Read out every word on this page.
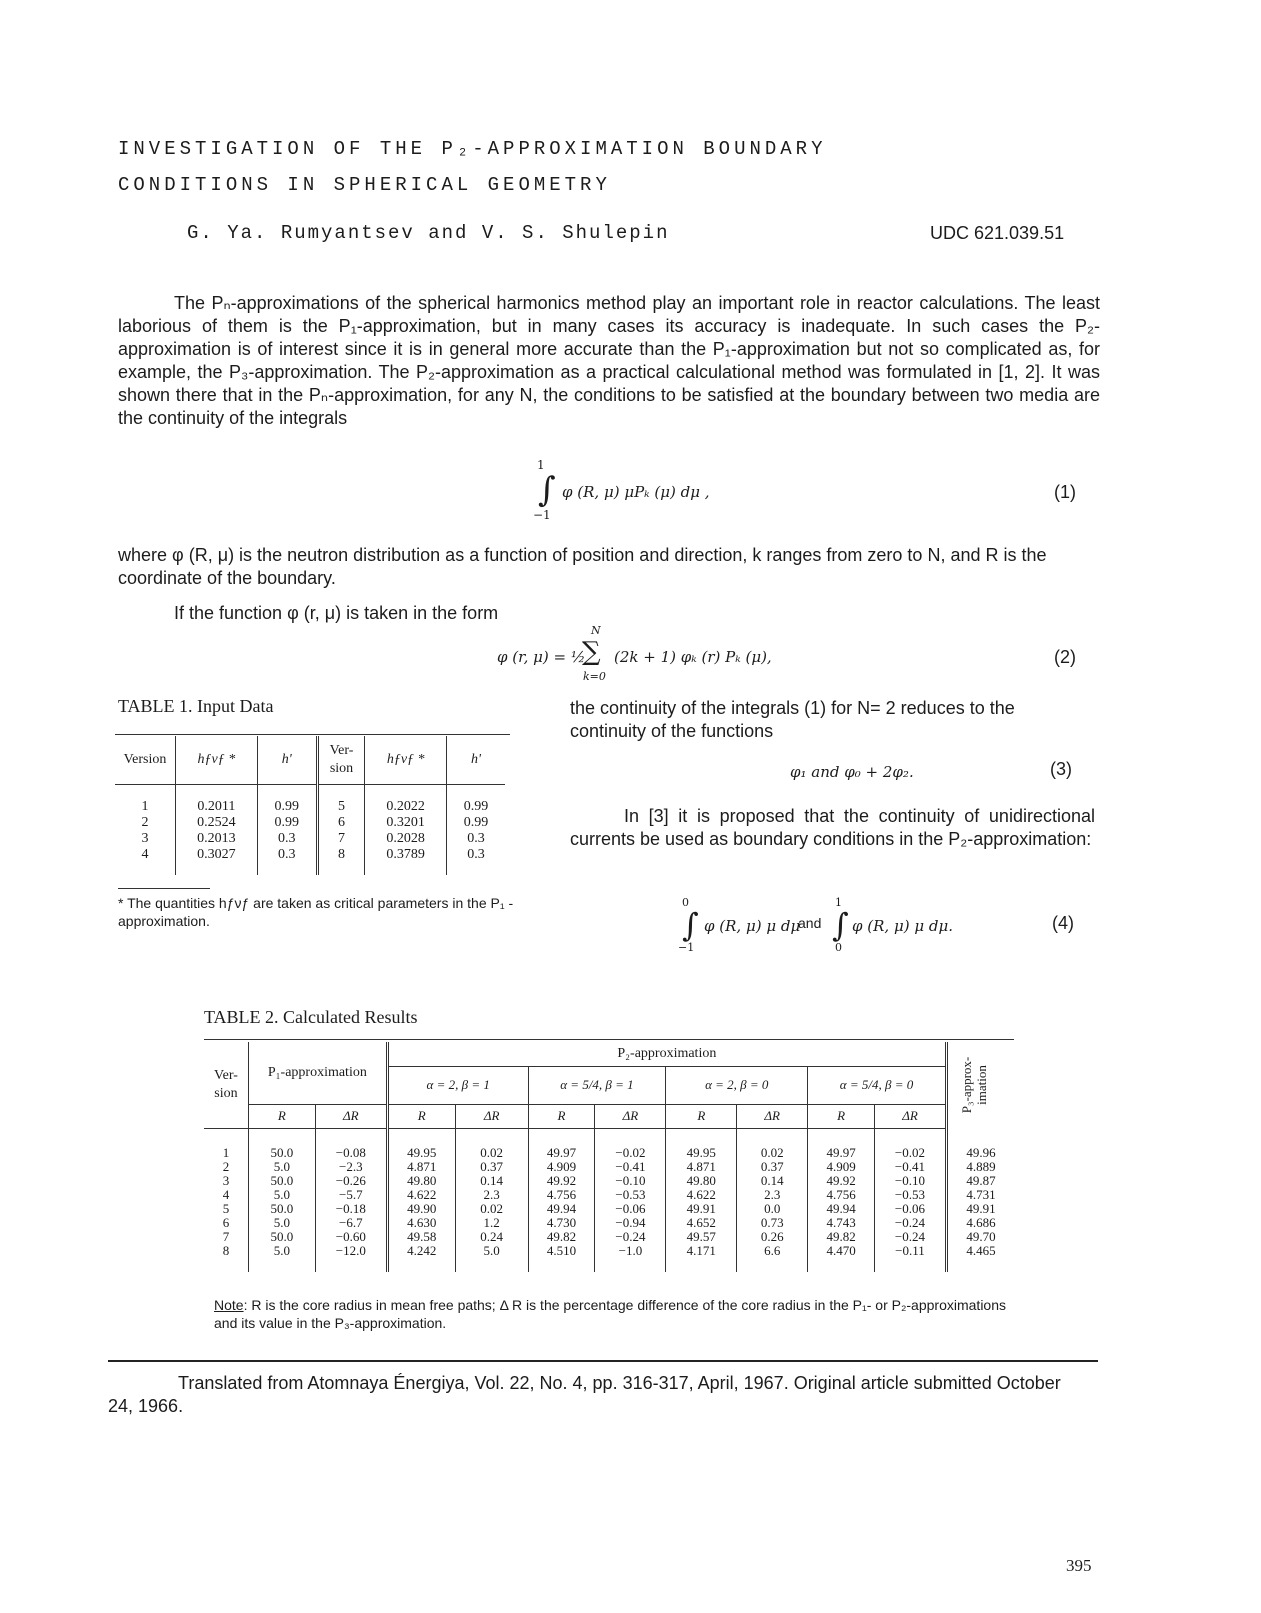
INVESTIGATION OF THE P₂-APPROXIMATION BOUNDARY
CONDITIONS IN SPHERICAL GEOMETRY
G. Ya. Rumyantsev and V. S. Shulepin	UDC 621.039.51
The Pₙ-approximations of the spherical harmonics method play an important role in reactor calculations. The least laborious of them is the P₁-approximation, but in many cases its accuracy is inadequate. In such cases the P₂-approximation is of interest since it is in general more accurate than the P₁-approximation but not so complicated as, for example, the P₃-approximation. The P₂-approximation as a practical calculational method was formulated in [1, 2]. It was shown there that in the Pₙ-approximation, for any N, the conditions to be satisfied at the boundary between two media are the continuity of the integrals
1
∫
−1
φ (R, μ) μPₖ (μ) dμ ,	(1)
where φ (R, μ) is the neutron distribution as a function of position and direction, k ranges from zero to N, and R is the coordinate of the boundary.
If the function φ (r, μ) is taken in the form
φ (r, μ) = ½
N
∑
k=0
(2k + 1) φₖ (r) Pₖ (μ),	(2)
TABLE 1. Input Data
Version	hƒνƒ *	h'	Ver-
sion	hƒνƒ *	h'

1	0.2011	0.99	5	0.2022	0.99
2	0.2524	0.99	6	0.3201	0.99
3	0.2013	0.3	7	0.2028	0.3
4	0.3027	0.3	8	0.3789	0.3

* The quantities hƒνƒ are taken as critical parameters in the P₁ -approximation.
the continuity of the integrals (1) for N= 2 reduces to the continuity of the functions
φ₁ and φ₀ + 2φ₂.	(3)
In [3] it is proposed that the continuity of unidirectional currents be used as boundary conditions in the P₂-approximation:
0
∫
−1
φ (R, μ) μ dμ
and
1
∫
0
φ (R, μ) μ dμ.	(4)
TABLE 2. Calculated Results
Ver-
sion	P₁-approximation		P₂-approximation								P₃-approx-
imation

			α = 2, β = 1		α = 5/4, β = 1		α = 2, β = 0		α = 5/4, β = 0		
	R	ΔR	R	ΔR	R	ΔR	R	ΔR	R	ΔR	

1	50.0	−0.08	49.95	0.02	49.97	−0.02	49.95	0.02	49.97	−0.02	49.96
2	5.0	−2.3	4.871	0.37	4.909	−0.41	4.871	0.37	4.909	−0.41	4.889
3	50.0	−0.26	49.80	0.14	49.92	−0.10	49.80	0.14	49.92	−0.10	49.87
4	5.0	−5.7	4.622	2.3	4.756	−0.53	4.622	2.3	4.756	−0.53	4.731
5	50.0	−0.18	49.90	0.02	49.94	−0.06	49.91	0.0	49.94	−0.06	49.91
6	5.0	−6.7	4.630	1.2	4.730	−0.94	4.652	0.73	4.743	−0.24	4.686
7	50.0	−0.60	49.58	0.24	49.82	−0.24	49.57	0.26	49.82	−0.24	49.70
8	5.0	−12.0	4.242	5.0	4.510	−1.0	4.171	6.6	4.470	−0.11	4.465

Note: R is the core radius in mean free paths; Δ R is the percentage difference of the core radius in the P₁- or P₂-approximations and its value in the P₃-approximation.
Translated from Atomnaya Énergiya, Vol. 22, No. 4, pp. 316-317, April, 1967. Original article submitted October 24, 1966.
395
